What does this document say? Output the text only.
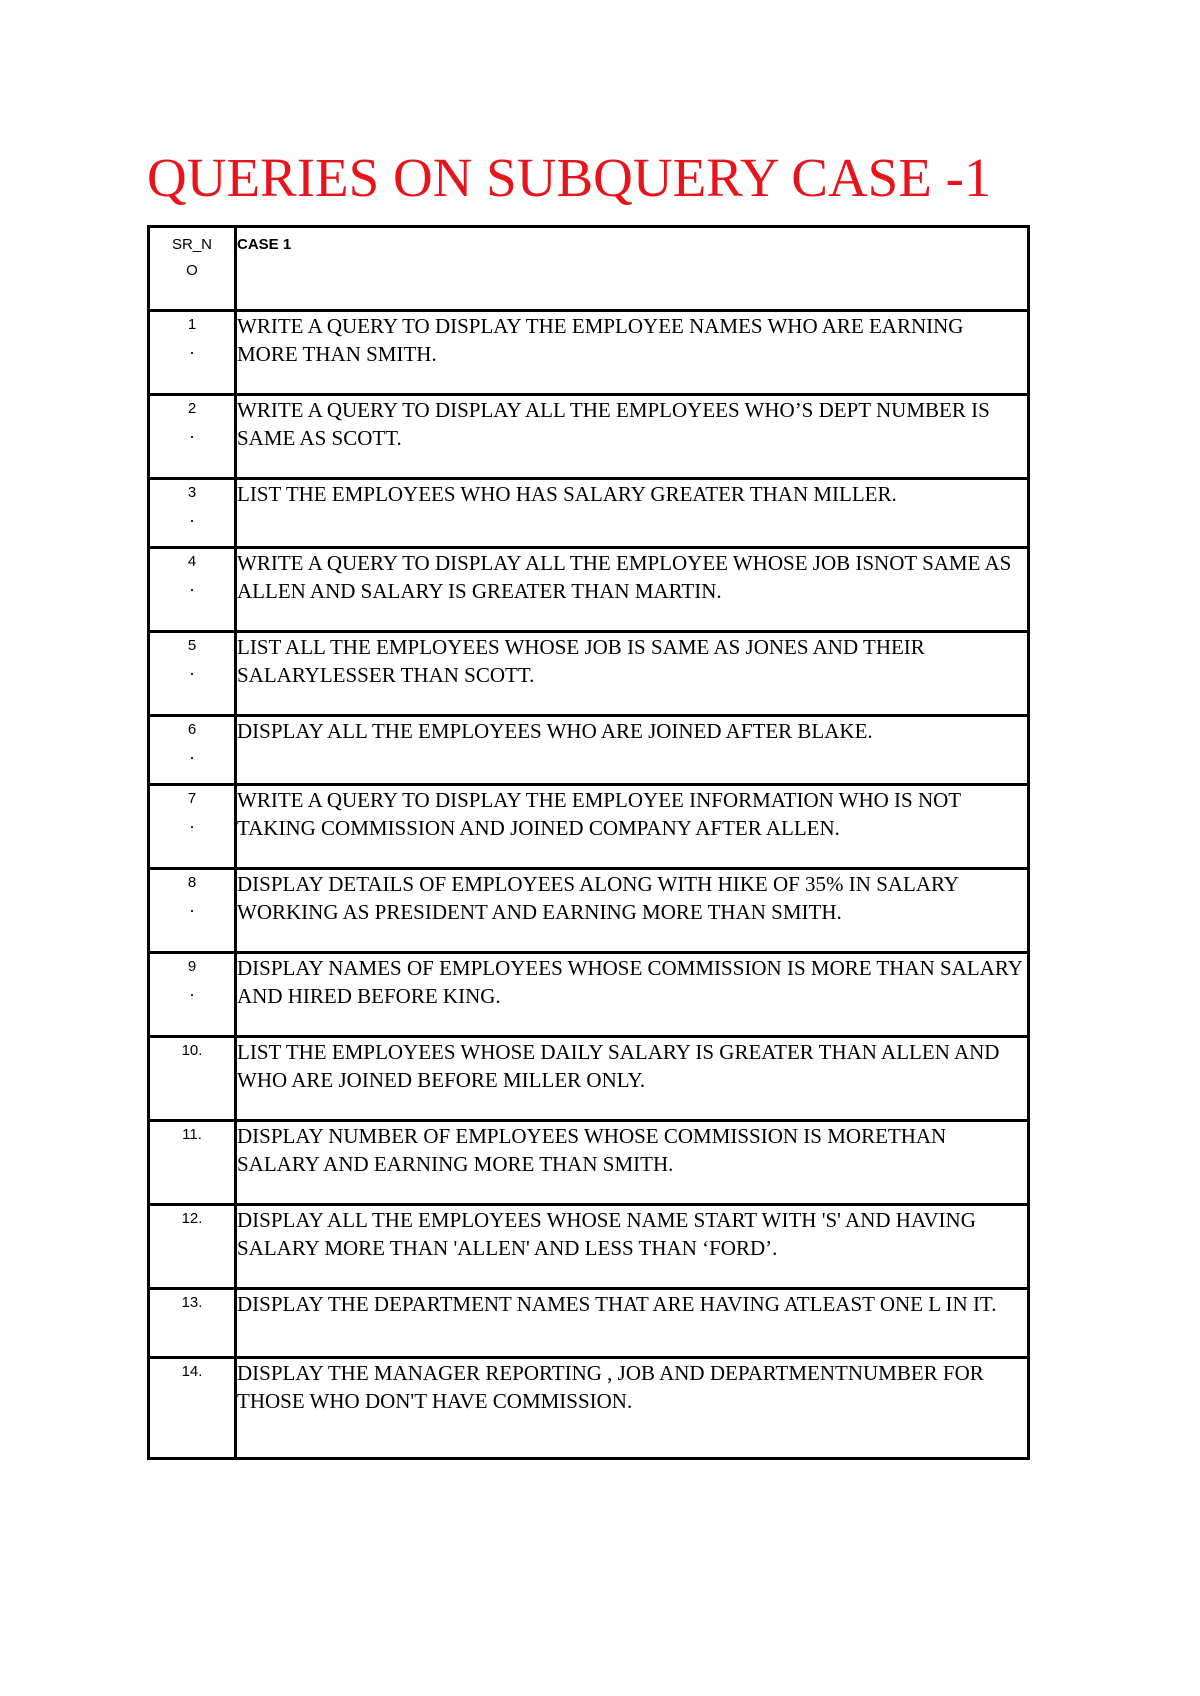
QUERIES ON SUBQUERY CASE -1
SR_N
O	CASE 1

1
.	WRITE A QUERY TO DISPLAY THE EMPLOYEE NAMES WHO ARE EARNING MORE THAN SMITH.

2
.	WRITE A QUERY TO DISPLAY ALL THE EMPLOYEES WHO’S DEPT NUMBER IS SAME AS SCOTT.

3
.	LIST THE EMPLOYEES WHO HAS SALARY GREATER THAN MILLER.

4
.	WRITE A QUERY TO DISPLAY ALL THE EMPLOYEE WHOSE JOB ISNOT SAME AS ALLEN AND SALARY IS GREATER THAN MARTIN.

5
.	LIST ALL THE EMPLOYEES WHOSE JOB IS SAME AS JONES AND THEIR SALARYLESSER THAN SCOTT.

6
.	DISPLAY ALL THE EMPLOYEES WHO ARE JOINED AFTER BLAKE.

7
.	WRITE A QUERY TO DISPLAY THE EMPLOYEE INFORMATION WHO IS NOT TAKING COMMISSION AND JOINED COMPANY AFTER ALLEN.

8
.	DISPLAY DETAILS OF EMPLOYEES ALONG WITH HIKE OF 35% IN SALARY WORKING AS PRESIDENT AND EARNING MORE THAN SMITH.

9
.	DISPLAY NAMES OF EMPLOYEES WHOSE COMMISSION IS MORE THAN SALARY AND HIRED BEFORE KING.

10.	LIST THE EMPLOYEES WHOSE DAILY SALARY IS GREATER THAN ALLEN AND WHO ARE JOINED BEFORE MILLER ONLY.

11.	DISPLAY NUMBER OF EMPLOYEES WHOSE COMMISSION IS MORETHAN SALARY AND EARNING MORE THAN SMITH.

12.	DISPLAY ALL THE EMPLOYEES WHOSE NAME START WITH 'S' AND HAVING SALARY MORE THAN 'ALLEN' AND LESS THAN ‘FORD’.

13.	DISPLAY THE DEPARTMENT NAMES THAT ARE HAVING ATLEAST ONE L IN IT.

14.	DISPLAY THE MANAGER REPORTING , JOB AND DEPARTMENTNUMBER FOR THOSE WHO DON'T HAVE COMMISSION.
